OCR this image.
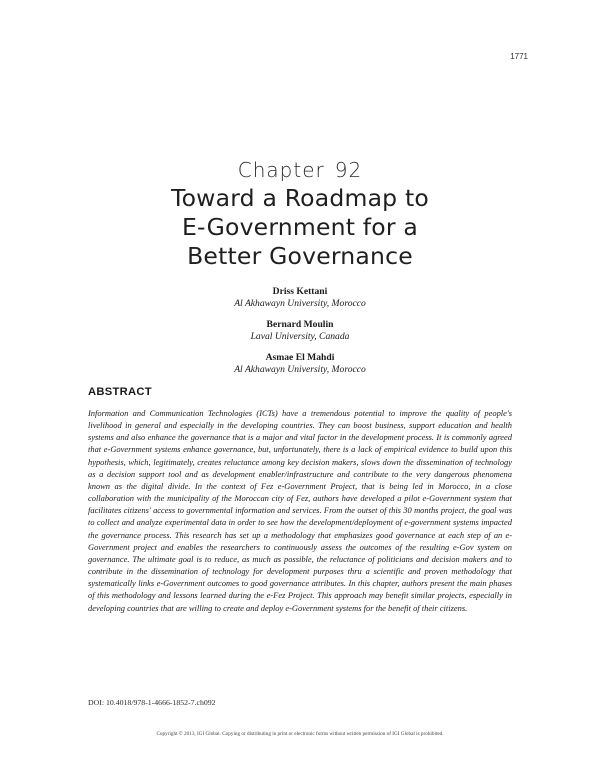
1771
Chapter 92
Toward a Roadmap to
E-Government for a
Better Governance
Driss Kettani
Al Akhawayn University, Morocco
Bernard Moulin
Laval University, Canada
Asmae El Mahdi
Al Akhawayn University, Morocco
ABSTRACT
Information and Communication Technologies (ICTs) have a tremendous potential to improve the quality of people's livelihood in general and especially in the developing countries. They can boost business, support education and health systems and also enhance the governance that is a major and vital factor in the development process. It is commonly agreed that e-Government systems enhance governance, but, unfortunately, there is a lack of empirical evidence to build upon this hypothesis, which, legitimately, creates reluctance among key decision makers, slows down the dissemination of technology as a decision support tool and as development enabler/infrastructure and contribute to the very dangerous phenomena known as the digital divide. In the context of Fez e-Government Project, that is being led in Morocco, in a close collaboration with the municipality of the Moroccan city of Fez, authors have developed a pilot e-Government system that facilitates citizens' access to governmental information and services. From the outset of this 30 months project, the goal was to collect and analyze experimental data in order to see how the development/deployment of e-government systems impacted the governance process. This research has set up a methodology that emphasizes good governance at each step of an e-Government project and enables the researchers to continuously assess the outcomes of the resulting e-Gov system on governance. The ultimate goal is to reduce, as much as possible, the reluctance of politicians and decision makers and to contribute in the dissemination of technology for development purposes thru a scientific and proven methodology that systematically links e-Government outcomes to good governance attributes. In this chapter, authors present the main phases of this methodology and lessons learned during the e-Fez Project. This approach may benefit similar projects, especially in developing countries that are willing to create and deploy e-Government systems for the benefit of their citizens.
DOI: 10.4018/978-1-4666-1852-7.ch092
Copyright © 2013, IGI Global. Copying or distributing in print or electronic forms without written permission of IGI Global is prohibited.
